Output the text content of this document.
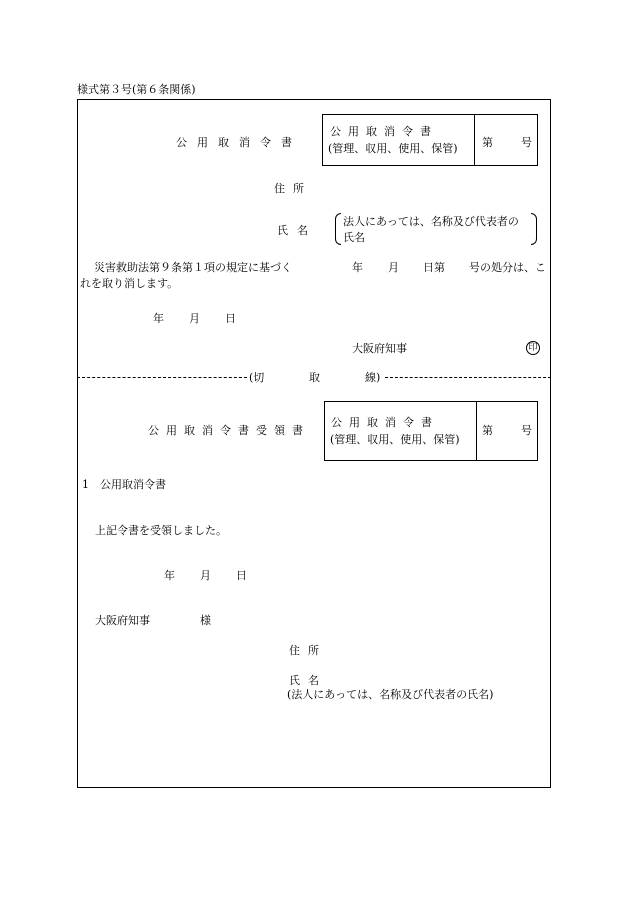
様式第３号(第６条関係)
公用取消令書
公用取消令書
(管理、収用、使用、保管) 第	号
住所
氏名
法人にあっては、名称及び代表者の
氏名
災害救助法第９条第１項の規定に基づく	年 月 日第 号の処分は、こ
れを取り消します。
年 月 日
大阪府知事	印
(切	取	線)
公用取消令書受領書
公用取消令書
(管理、収用、使用、保管)
第	号
1　公用取消令書
上記令書を受領しました。
年 月 日
大阪府知事	様
住所
氏名
(法人にあっては、名称及び代表者の氏名)
